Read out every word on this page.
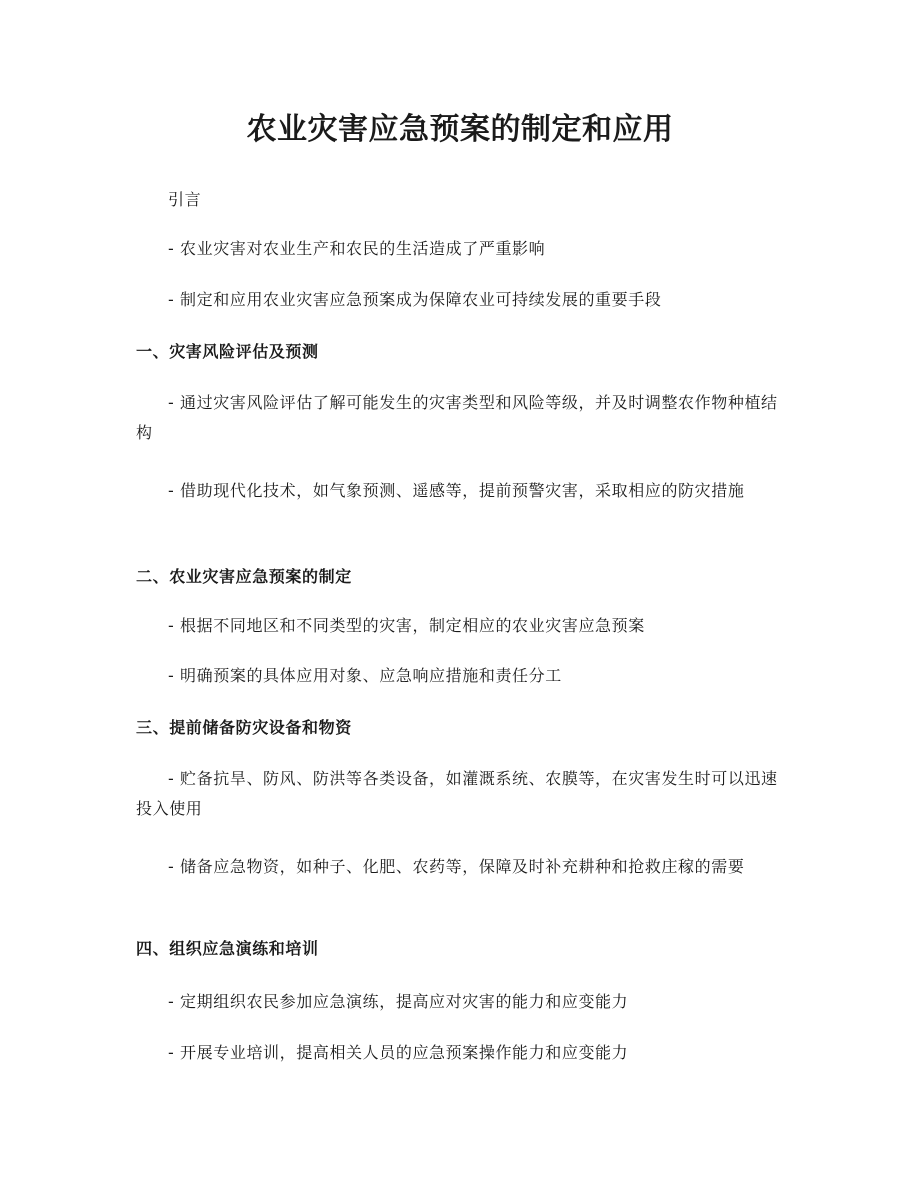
农业灾害应急预案的制定和应用
引言
- 农业灾害对农业生产和农民的生活造成了严重影响
- 制定和应用农业灾害应急预案成为保障农业可持续发展的重要手段
一、灾害风险评估及预测
- 通过灾害风险评估了解可能发生的灾害类型和风险等级，并及时调整农作物种植结构
- 借助现代化技术，如气象预测、遥感等，提前预警灾害，采取相应的防灾措施
二、农业灾害应急预案的制定
- 根据不同地区和不同类型的灾害，制定相应的农业灾害应急预案
- 明确预案的具体应用对象、应急响应措施和责任分工
三、提前储备防灾设备和物资
- 贮备抗旱、防风、防洪等各类设备，如灌溉系统、农膜等，在灾害发生时可以迅速投入使用
- 储备应急物资，如种子、化肥、农药等，保障及时补充耕种和抢救庄稼的需要
四、组织应急演练和培训
- 定期组织农民参加应急演练，提高应对灾害的能力和应变能力
- 开展专业培训，提高相关人员的应急预案操作能力和应变能力
